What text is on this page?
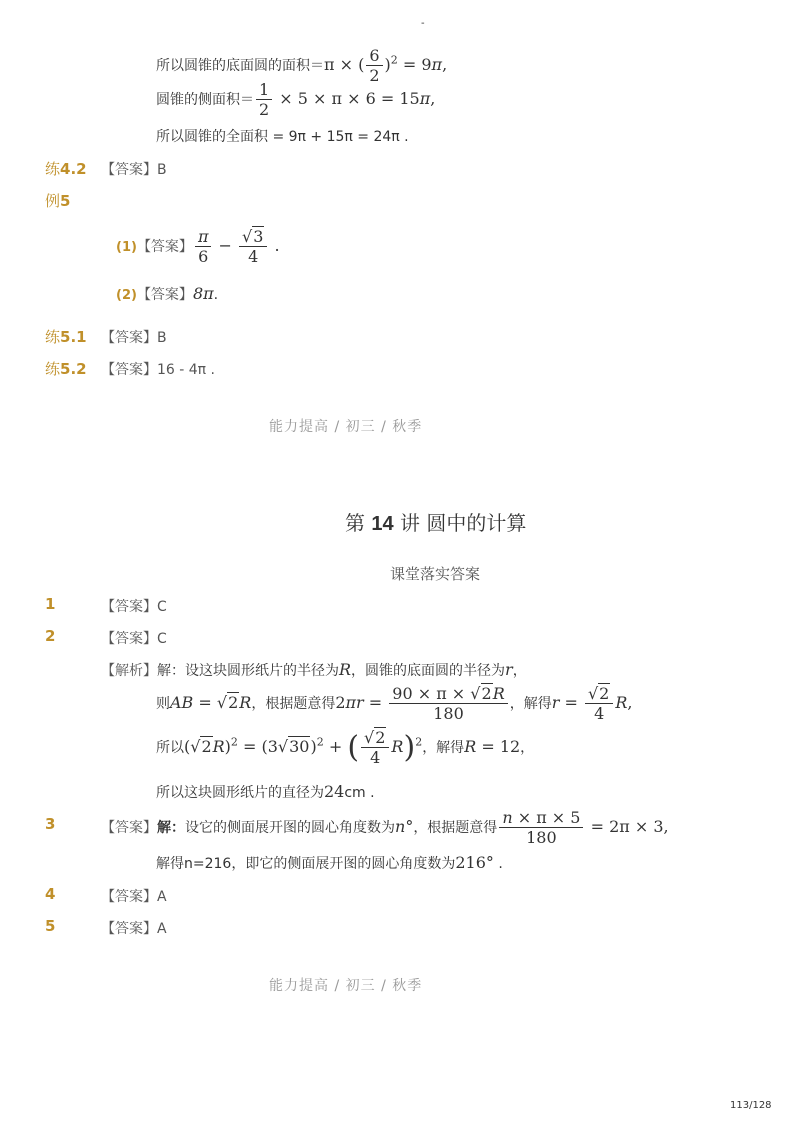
-
所以圆锥的底面圆的面积＝π × ( $\frac{6}{2} )^2 = 9\pi$,
圆锥的侧面积＝ $\frac{1}{2} \times 5 \times \pi \times 6 = 15\pi$,
所以圆锥的全面积 = 9π + 15π = 24π .
练4.2 【答案】B
例5
(1)【答案】 $\frac{\pi}{6} - \frac{√3}{4}$ .
(2)【答案】8π.
练5.1 【答案】B
练5.2 【答案】16 - 4π .
能力提高 / 初三 / 秋季
第 14 讲 圆中的计算
课堂落实答案
1	【答案】C
2	【答案】C
【解析】解：设这块圆形纸片的半径为R，圆锥的底面圆的半径为r，
则AB = √2R，根据题意得$2\pi r = \frac{90 \times \pi \times √2R}{180}$ ，解得$r = \frac{√2}{4} R$,
所以$(√2R)^2 = (3√30)^2$ + ( $\frac{√2}{4} R)^2$，解得R = 12，
所以这块圆形纸片的直径为24cm .
3	【答案】解：设它的侧面展开图的圆心角度数为n°，根据题意得 $\frac{n \times \pi \times 5}{180} = 2\pi \times 3$,
解得n=216，即它的侧面展开图的圆心角度数为216° .
4	【答案】A
5	【答案】A
能力提高 / 初三 / 秋季
113/128
